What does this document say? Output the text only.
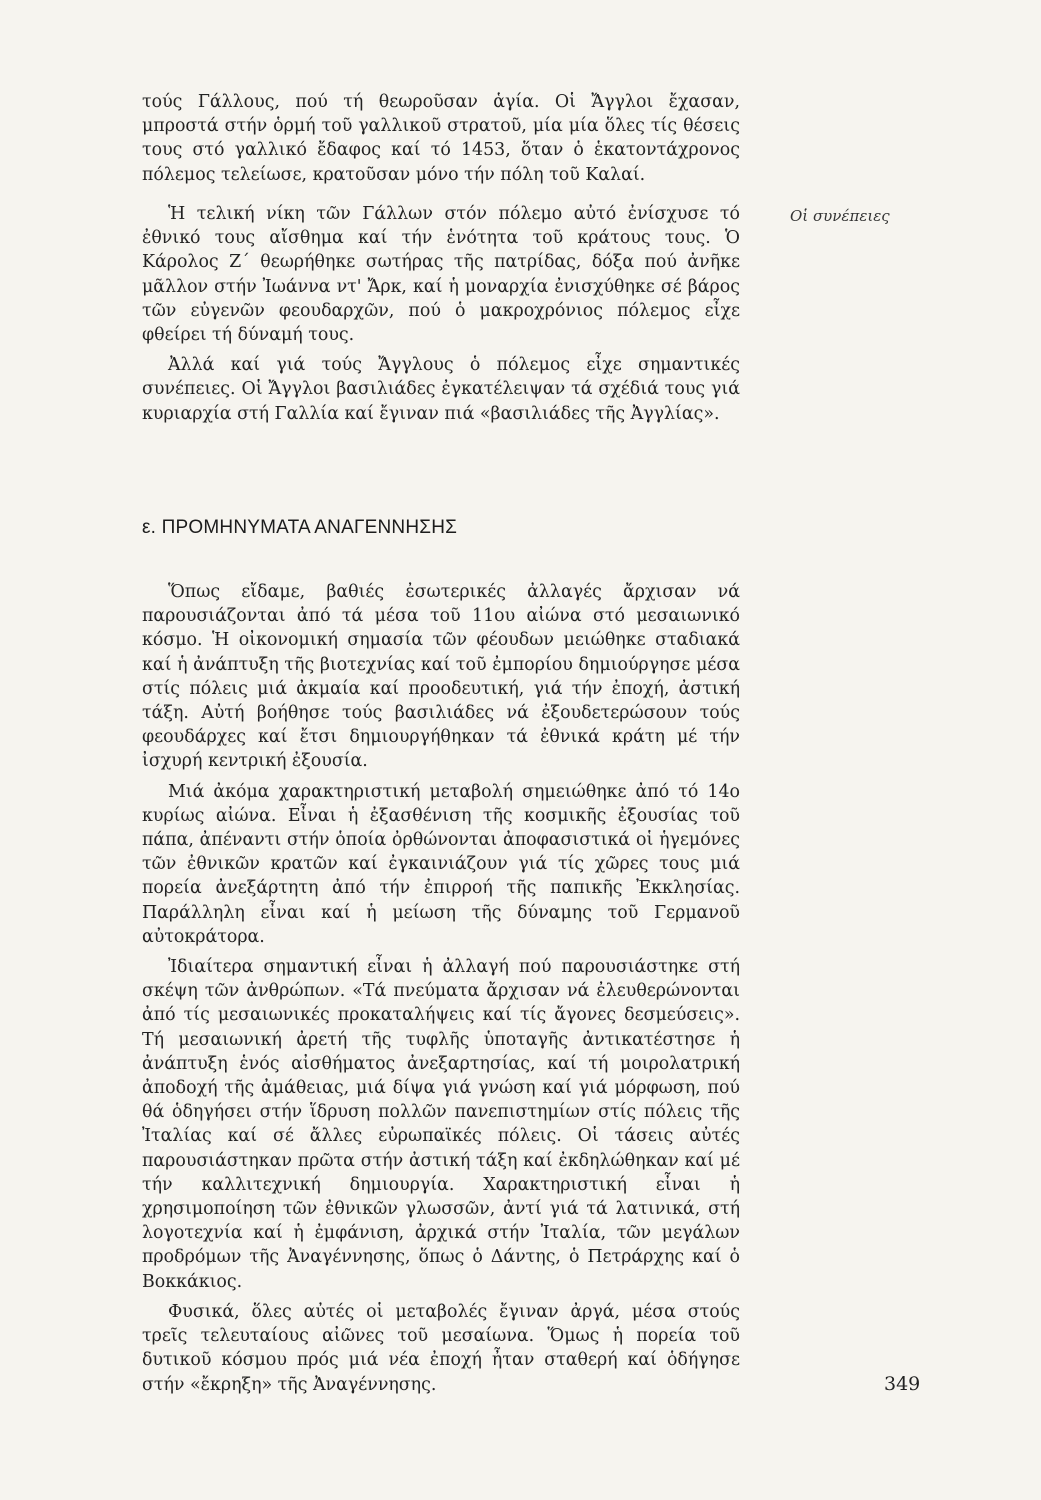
τούς Γάλλους, πού τή θεωροῦσαν ἁγία. Οἱ Ἄγγλοι ἔχασαν, μπροστά στήν ὁρμή τοῦ γαλλικοῦ στρατοῦ, μία μία ὅλες τίς θέσεις τους στό γαλλικό ἔδαφος καί τό 1453, ὅταν ὁ ἑκατοντάχρονος πόλεμος τελείωσε, κρατοῦσαν μόνο τήν πόλη τοῦ Καλαί.

Οἱ συνέπειες

Ἡ τελική νίκη τῶν Γάλλων στόν πόλεμο αὐτό ἐνίσχυσε τό ἐθνικό τους αἴσθημα καί τήν ἑνότητα τοῦ κράτους τους. Ὁ Κάρολος Ζ΄ θεωρήθηκε σωτήρας τῆς πατρίδας, δόξα πού ἀνῆκε μᾶλλον στήν Ἰωάννα ντ' Ἄρκ, καί ἡ μοναρχία ἐνισχύθηκε σέ βάρος τῶν εὐγενῶν φεουδαρχῶν, πού ὁ μακροχρόνιος πόλεμος εἶχε φθείρει τή δύναμή τους.

Ἀλλά καί γιά τούς Ἄγγλους ὁ πόλεμος εἶχε σημαντικές συνέπειες. Οἱ Ἄγγλοι βασιλιάδες ἐγκατέλειψαν τά σχέδιά τους γιά κυριαρχία στή Γαλλία καί ἔγιναν πιά «βασιλιάδες τῆς Ἀγγλίας».

ε. ΠΡΟΜΗΝΥΜΑΤΑ ΑΝΑΓΕΝΝΗΣΗΣ

Ὅπως εἴδαμε, βαθιές ἐσωτερικές ἀλλαγές ἄρχισαν νά παρουσιάζονται ἀπό τά μέσα τοῦ 11ου αἰώνα στό μεσαιωνικό κόσμο. Ἡ οἰκονομική σημασία τῶν φέουδων μειώθηκε σταδιακά καί ἡ ἀνάπτυξη τῆς βιοτεχνίας καί τοῦ ἐμπορίου δημιούργησε μέσα στίς πόλεις μιά ἀκμαία καί προοδευτική, γιά τήν ἐποχή, ἀστική τάξη. Αὐτή βοήθησε τούς βασιλιάδες νά ἐξουδετερώσουν τούς φεουδάρχες καί ἔτσι δημιουργήθηκαν τά ἐθνικά κράτη μέ τήν ἰσχυρή κεντρική ἐξουσία.

Μιά ἀκόμα χαρακτηριστική μεταβολή σημειώθηκε ἀπό τό 14ο κυρίως αἰώνα. Εἶναι ἡ ἐξασθένιση τῆς κοσμικῆς ἐξουσίας τοῦ πάπα, ἀπέναντι στήν ὁποία ὀρθώνονται ἀποφασιστικά οἱ ἡγεμόνες τῶν ἐθνικῶν κρατῶν καί ἐγκαινιάζουν γιά τίς χῶρες τους μιά πορεία ἀνεξάρτητη ἀπό τήν ἐπιρροή τῆς παπικῆς Ἐκκλησίας. Παράλληλη εἶναι καί ἡ μείωση τῆς δύναμης τοῦ Γερμανοῦ αὐτοκράτορα.

Ἰδιαίτερα σημαντική εἶναι ἡ ἀλλαγή πού παρουσιάστηκε στή σκέψη τῶν ἀνθρώπων. «Τά πνεύματα ἄρχισαν νά ἐλευθερώνονται ἀπό τίς μεσαιωνικές προκαταλήψεις καί τίς ἄγονες δεσμεύσεις». Τή μεσαιωνική ἀρετή τῆς τυφλῆς ὑποταγῆς ἀντικατέστησε ἡ ἀνάπτυξη ἑνός αἰσθήματος ἀνεξαρτησίας, καί τή μοιρολατρική ἀποδοχή τῆς ἀμάθειας, μιά δίψα γιά γνώση καί γιά μόρφωση, πού θά ὁδηγήσει στήν ἵδρυση πολλῶν πανεπιστημίων στίς πόλεις τῆς Ἰταλίας καί σέ ἄλλες εὐρωπαϊκές πόλεις. Οἱ τάσεις αὐτές παρουσιάστηκαν πρῶτα στήν ἀστική τάξη καί ἐκδηλώθηκαν καί μέ τήν καλλιτεχνική δημιουργία. Χαρακτηριστική εἶναι ἡ χρησιμοποίηση τῶν ἐθνικῶν γλωσσῶν, ἀντί γιά τά λατινικά, στή λογοτεχνία καί ἡ ἐμφάνιση, ἀρχικά στήν Ἰταλία, τῶν μεγάλων προδρόμων τῆς Ἀναγέννησης, ὅπως ὁ Δάντης, ὁ Πετράρχης καί ὁ Βοκκάκιος.

Φυσικά, ὅλες αὐτές οἱ μεταβολές ἔγιναν ἀργά, μέσα στούς τρεῖς τελευταίους αἰῶνες τοῦ μεσαίωνα. Ὅμως ἡ πορεία τοῦ δυτικοῦ κόσμου πρός μιά νέα ἐποχή ἦταν σταθερή καί ὁδήγησε στήν «ἔκρηξη» τῆς Ἀναγέννησης.	349
